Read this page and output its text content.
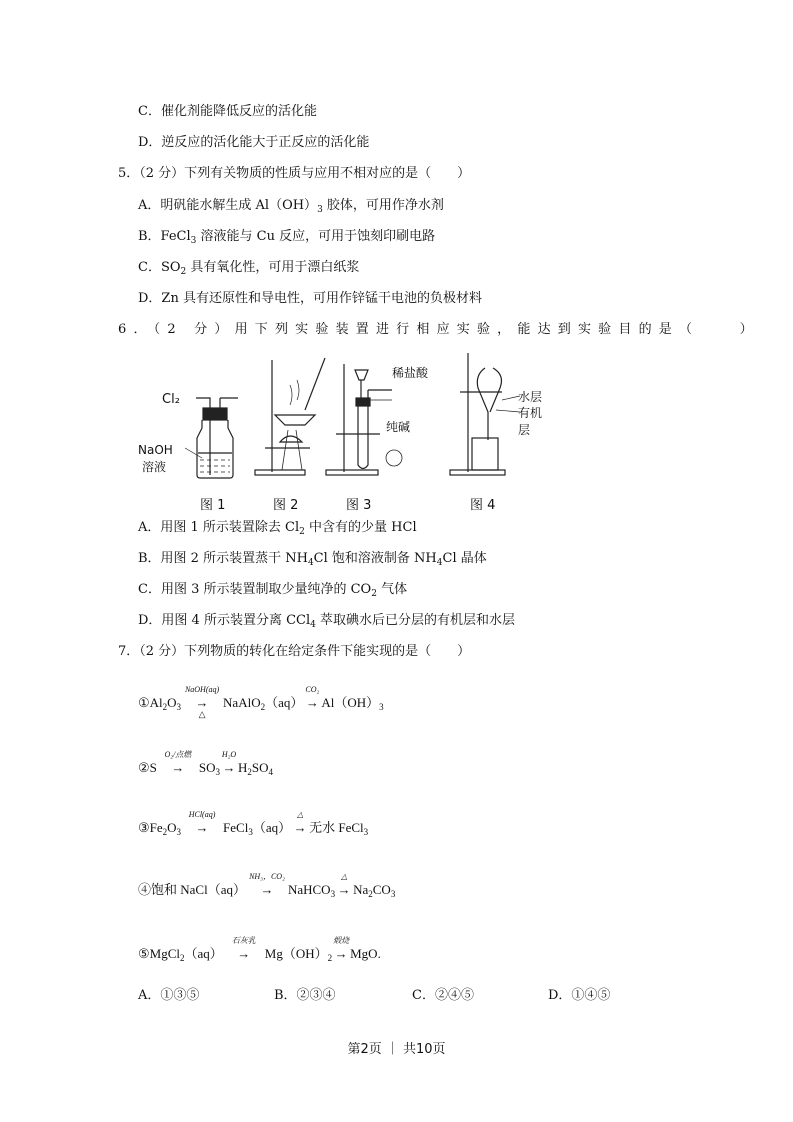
C．催化剂能降低反应的活化能
D．逆反应的活化能大于正反应的活化能
5．（2 分）下列有关物质的性质与应用不相对应的是（　　）
A．明矾能水解生成 $Al(OH)_3$ 胶体，可用作净水剂
B．FeCl$_3$ 溶液能与 Cu 反应，可用于蚀刻印刷电路
C．$SO_2$ 具有氧化性，可用于漂白纸浆
D．Zn 具有还原性和导电性，可用作锌锰干电池的负极材料
6．（2 分）用下列实验装置进行相应实验，能达到实验目的是（　　）
Cl₂
NaOH
溶液
稀盐酸
纯碱
水层
有机层
图 1	图 2	图 3	图 4
A．用图 1 所示装置除去 $Cl_2$ 中含有的少量 HCl
B．用图 2 所示装置蒸干 $NH_4Cl$ 饱和溶液制备 $NH_4Cl$ 晶体
C．用图 3 所示装置制取少量纯净的 $CO_2$ 气体
D．用图 4 所示装置分离 CCl$_4$ 萃取碘水后已分层的有机层和水层
7．（2 分）下列物质的转化在给定条件下能实现的是（　　）
$①Al_2O_3$ →
NaOH(aq)
△
NaAlO$_2$（aq） →
CO₂
$Al(OH)_3$
②S →
O₂/点燃
$SO_3$ →
H₂O
$H_2SO_4$
$③Fe_2O_3$ →
HCl(aq)
FeCl$_3$（aq） →
△
无水 FeCl$_3$
④饱和 NaCl（aq） →
NH₃，CO₂
NaHCO$_3$ →
△
$Na_2CO_3$
⑤MgCl$_2$（aq） →
石灰乳
$Mg(OH)_2$ →
煅烧
MgO.
A．①③⑤	B．②③④	C．②④⑤	D．①④⑤
第2页 ｜ 共10页
